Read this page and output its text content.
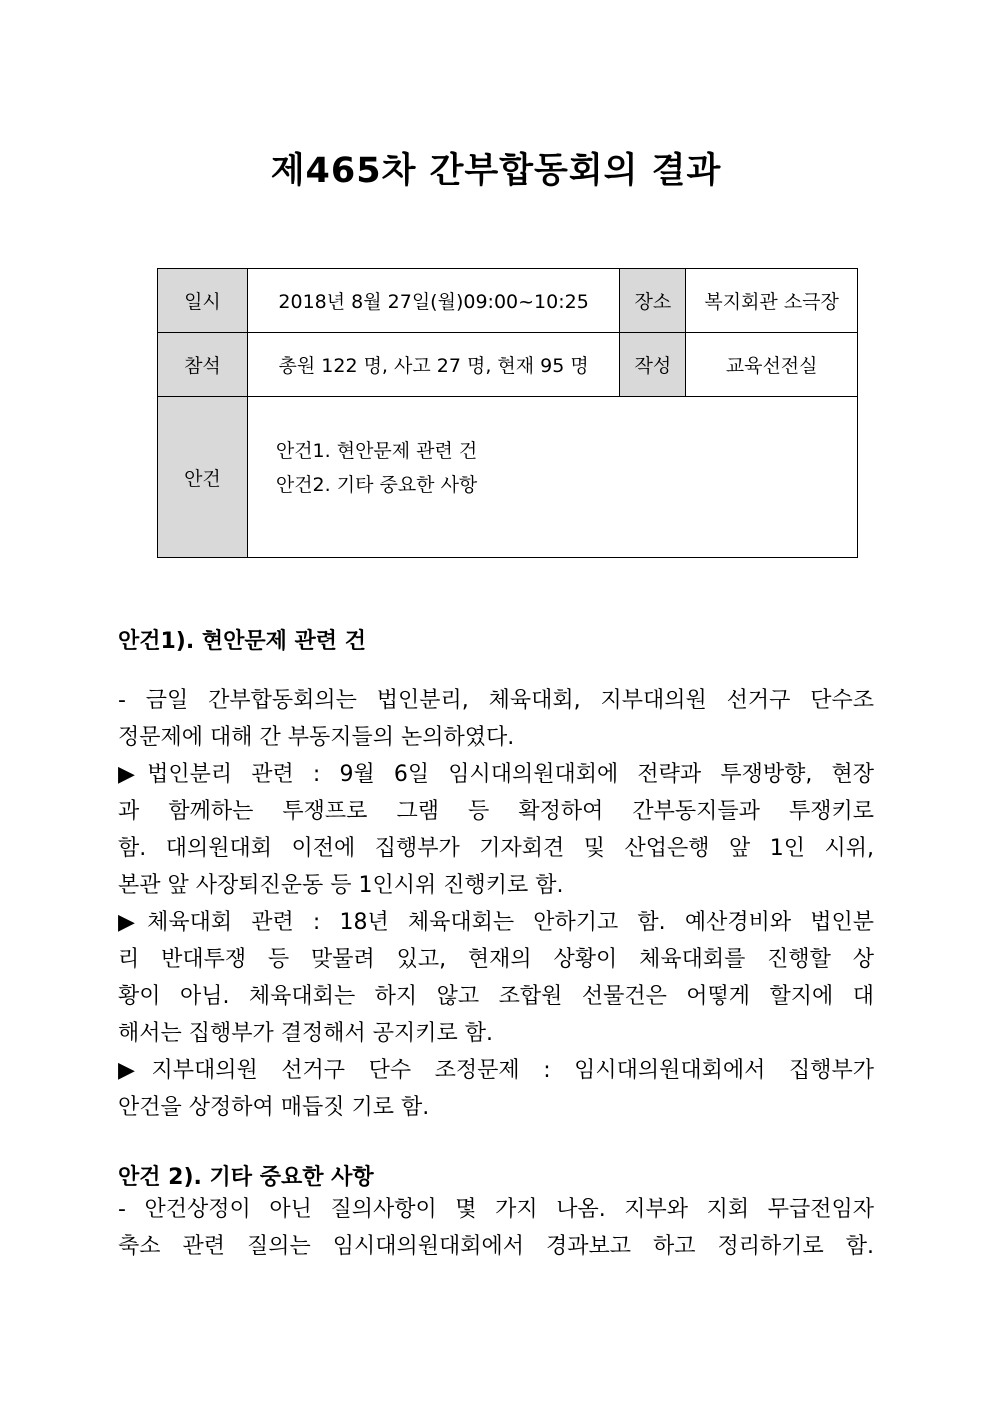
제465차 간부합동회의 결과
일시	2018년 8월 27일(월)09:00~10:25	장소	복지회관 소극장
참석	총원 122 명, 사고 27 명, 현재 95 명	작성	교육선전실
안건	안건1. 현안문제 관련 건
안건2. 기타 중요한 사항		
안건1). 현안문제 관련 건
- 금일 간부합동회의는 법인분리, 체육대회, 지부대의원 선거구 단수조
정문제에 대해 간 부동지들의 논의하였다.
▶법인분리 관련 : 9월 6일 임시대의원대회에 전략과 투쟁방향, 현장
과 함께하는 투쟁프로 그램 등 확정하여 간부동지들과 투쟁키로
함. 대의원대회 이전에 집행부가 기자회견 및 산업은행 앞 1인 시위,
본관 앞 사장퇴진운동 등 1인시위 진행키로 함.
▶체육대회 관련 : 18년 체육대회는 안하기고 함. 예산경비와 법인분
리 반대투쟁 등 맞물려 있고, 현재의 상황이 체육대회를 진행할 상
황이 아님. 체육대회는 하지 않고 조합원 선물건은 어떻게 할지에 대
해서는 집행부가 결정해서 공지키로 함.
▶지부대의원 선거구 단수 조정문제 : 임시대의원대회에서 집행부가
안건을 상정하여 매듭짓 기로 함.
안건 2). 기타 중요한 사항
- 안건상정이 아닌 질의사항이 몇 가지 나옴. 지부와 지회 무급전임자
축소 관련 질의는 임시대의원대회에서 경과보고 하고 정리하기로 함.
